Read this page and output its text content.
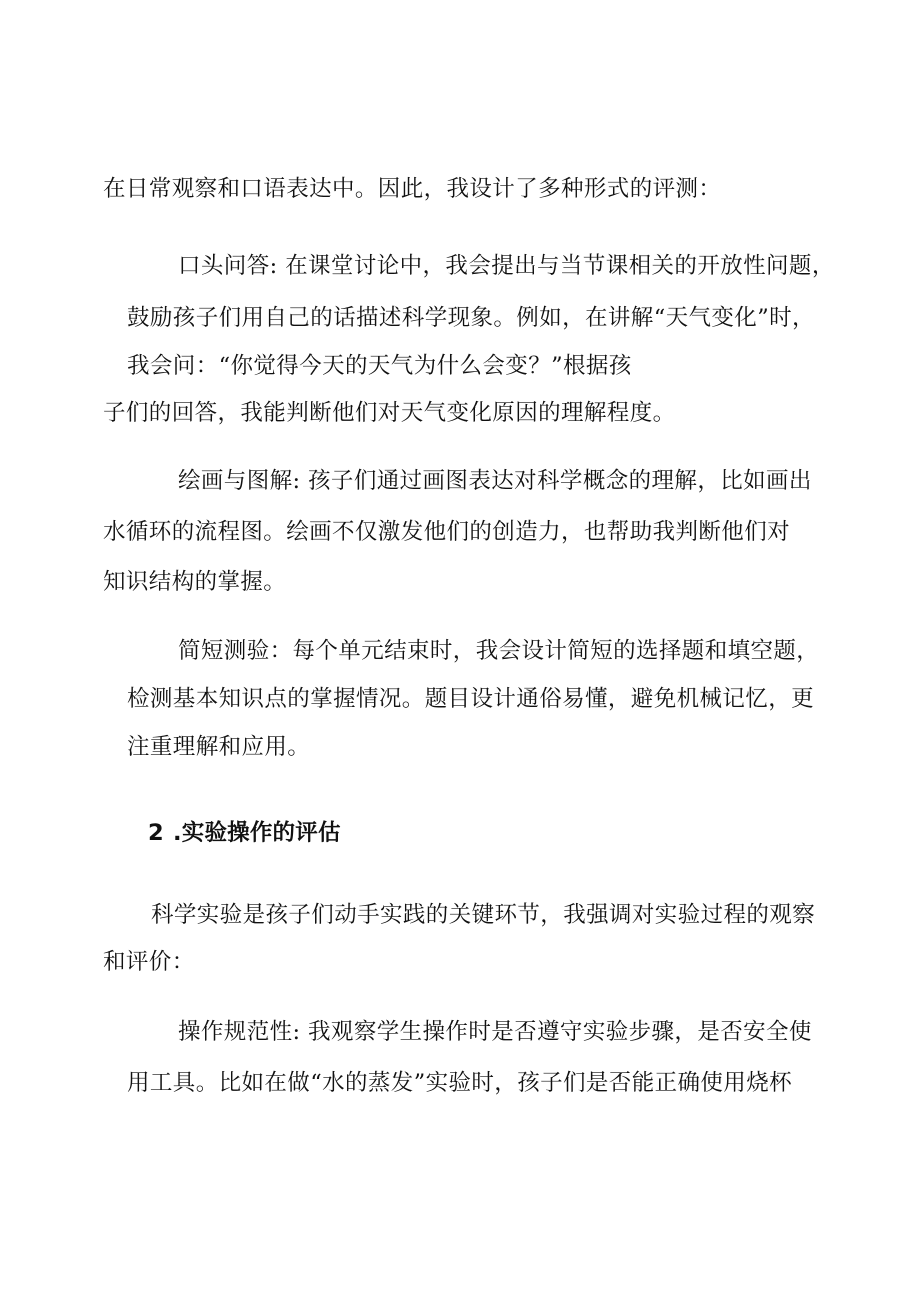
在日常观察和口语表达中。因此，我设计了多种形式的评测：
口头问答: 在课堂讨论中，我会提出与当节课相关的开放性问题，
鼓励孩子们用自己的话描述科学现象。例如，在讲解“天气变化”时，
我会问：“你觉得今天的天气为什么会变？”根据孩
子们的回答，我能判断他们对天气变化原因的理解程度。
绘画与图解: 孩子们通过画图表达对科学概念的理解，比如画出
水循环的流程图。绘画不仅激发他们的创造力，也帮助我判断他们对
知识结构的掌握。
简短测验：每个单元结束时，我会设计简短的选择题和填空题，
检测基本知识点的掌握情况。题目设计通俗易懂，避免机械记忆，更
注重理解和应用。
2 .实验操作的评估
科学实验是孩子们动手实践的关键环节，我强调对实验过程的观察
和评价：
操作规范性: 我观察学生操作时是否遵守实验步骤，是否安全使
用工具。比如在做“水的蒸发”实验时，孩子们是否能正确使用烧杯
